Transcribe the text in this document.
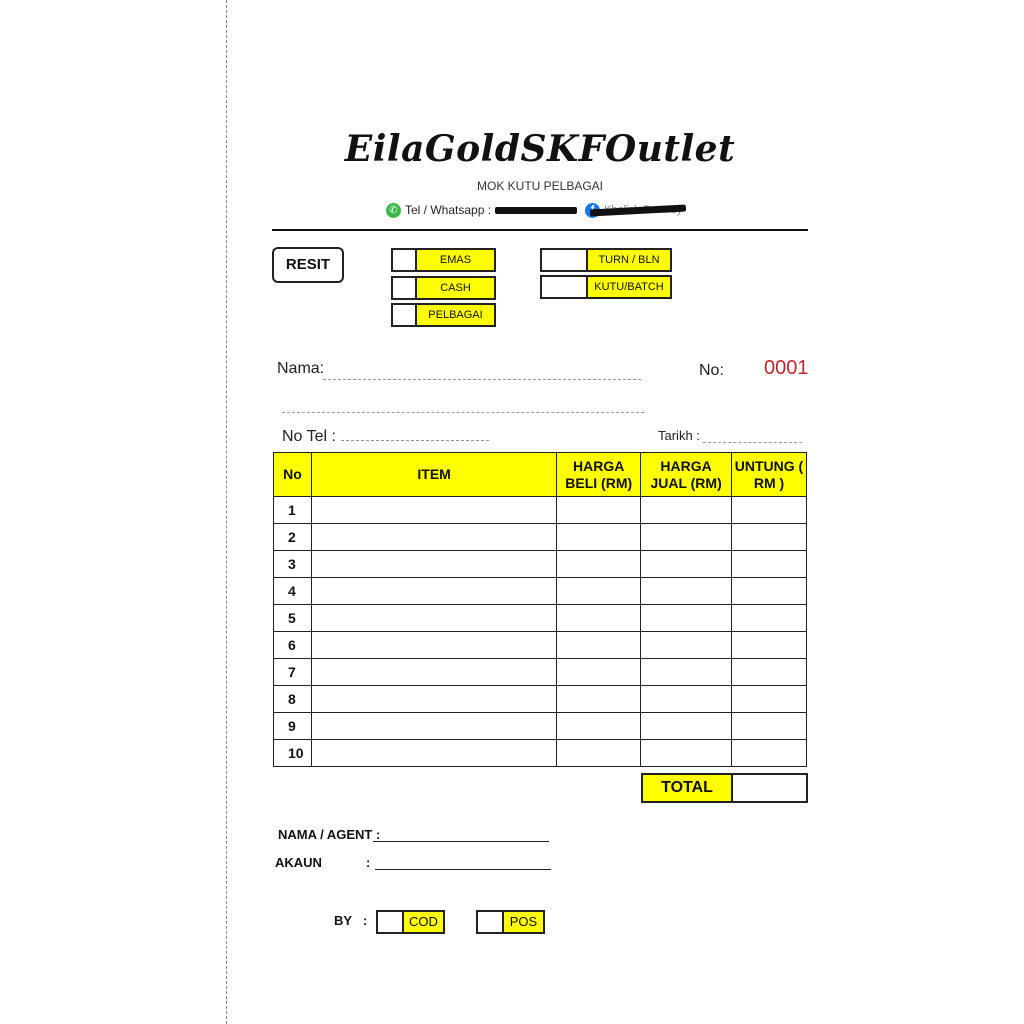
EilaGoldSKFOutlet
MOK KUTU PELBAGAI
✆ Tel / Whatsapp :
RESIT	EMAS
CASH
PELBAGAI
TURN / BLN
KUTU/BATCH
Nama:	No: 0001
No Tel :	Tarikh :
No	ITEM	HARGA BELI (RM)	HARGA JUAL (RM)	UNTUNG ( RM )
1				
2				
3				
4				
5				
6				
7				
8				
9				
10				
TOTAL
NAMA / AGENT :
AKAUN	:
BY :	COD	POS
